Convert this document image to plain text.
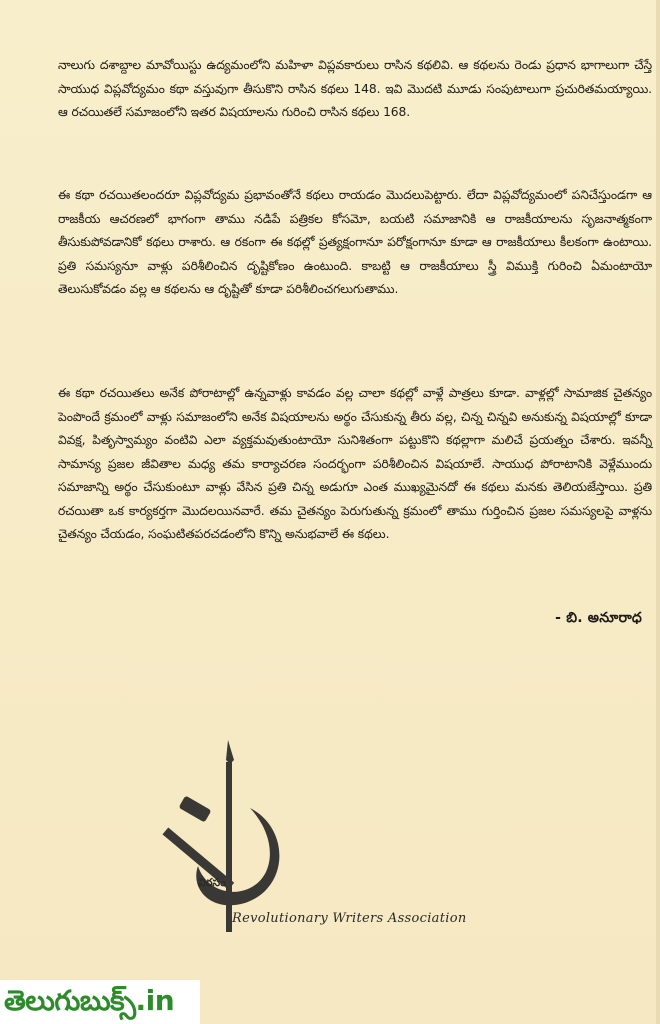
నాలుగు దశాబ్దాల మావోయిస్టు ఉద్యమంలోని మహిళా విప్లవకారులు రాసిన కథలివి. ఆ కథలను రెండు ప్రధాన భాగాలుగా చేస్తే సాయుధ విప్లవోద్యమం కథా వస్తువుగా తీసుకొని రాసిన కథలు 148. ఇవి మొదటి మూడు సంపుటాలుగా ప్రచురితమయ్యాయి. ఆ రచయితలే సమాజంలోని ఇతర విషయాలను గురించి రాసిన కథలు 168.

ఈ కథా రచయితలందరూ విప్లవోద్యమ ప్రభావంతోనే కథలు రాయడం మొదలుపెట్టారు. లేదా విప్లవోద్యమంలో పనిచేస్తుండగా ఆ రాజకీయ ఆచరణలో భాగంగా తాము నడిపే పత్రికల కోసమో, బయటి సమాజానికి ఆ రాజకీయాలను సృజనాత్మకంగా తీసుకుపోవడానికో కథలు రాశారు. ఆ రకంగా ఈ కథల్లో ప్రత్యక్షంగానూ పరోక్షంగానూ కూడా ఆ రాజకీయాలు కీలకంగా ఉంటాయి. ప్రతి సమస్యనూ వాళ్లు పరిశీలించిన దృష్టికోణం ఉంటుంది. కాబట్టి ఆ రాజకీయాలు స్త్రీ విముక్తి గురించి ఏమంటాయో తెలుసుకోవడం వల్ల ఆ కథలను ఆ దృష్టితో కూడా పరిశీలించగలుగుతాము.

ఈ కథా రచయితలు అనేక పోరాటాల్లో ఉన్నవాళ్లు కావడం వల్ల చాలా కథల్లో వాళ్లే పాత్రలు కూడా. వాళ్లల్లో సామాజిక చైతన్యం పెంపొందే క్రమంలో వాళ్లు సమాజంలోని అనేక విషయాలను అర్థం చేసుకున్న తీరు వల్ల, చిన్న చిన్నవి అనుకున్న విషయాల్లో కూడా వివక్ష, పితృస్వామ్యం వంటివి ఎలా వ్యక్తమవుతుంటాయో సునిశితంగా పట్టుకొని కథల్లాగా మలిచే ప్రయత్నం చేశారు. ఇవన్నీ సామాన్య ప్రజల జీవితాల మధ్య తమ కార్యాచరణ సందర్భంగా పరిశీలించిన విషయాలే. సాయుధ పోరాటానికి వెళ్లేముందు సమాజాన్ని అర్థం చేసుకుంటూ వాళ్లు వేసిన ప్రతి చిన్న అడుగూ ఎంత ముఖ్యమైనదో ఈ కథలు మనకు తెలియజేస్తాయి. ప్రతి రచయితా ఒక కార్యకర్తగా మొదలయినవారే. తమ చైతన్యం పెరుగుతున్న క్రమంలో తాము గుర్తించిన ప్రజల సమస్యలపై వాళ్లను చైతన్యం చేయడం, సంఘటితపరచడంలోని కొన్ని అనుభవాలే ఈ కథలు.

- బి. అనూరాధ
విరసం
Revolutionary Writers Association
తెలుగుబుక్స్.in
